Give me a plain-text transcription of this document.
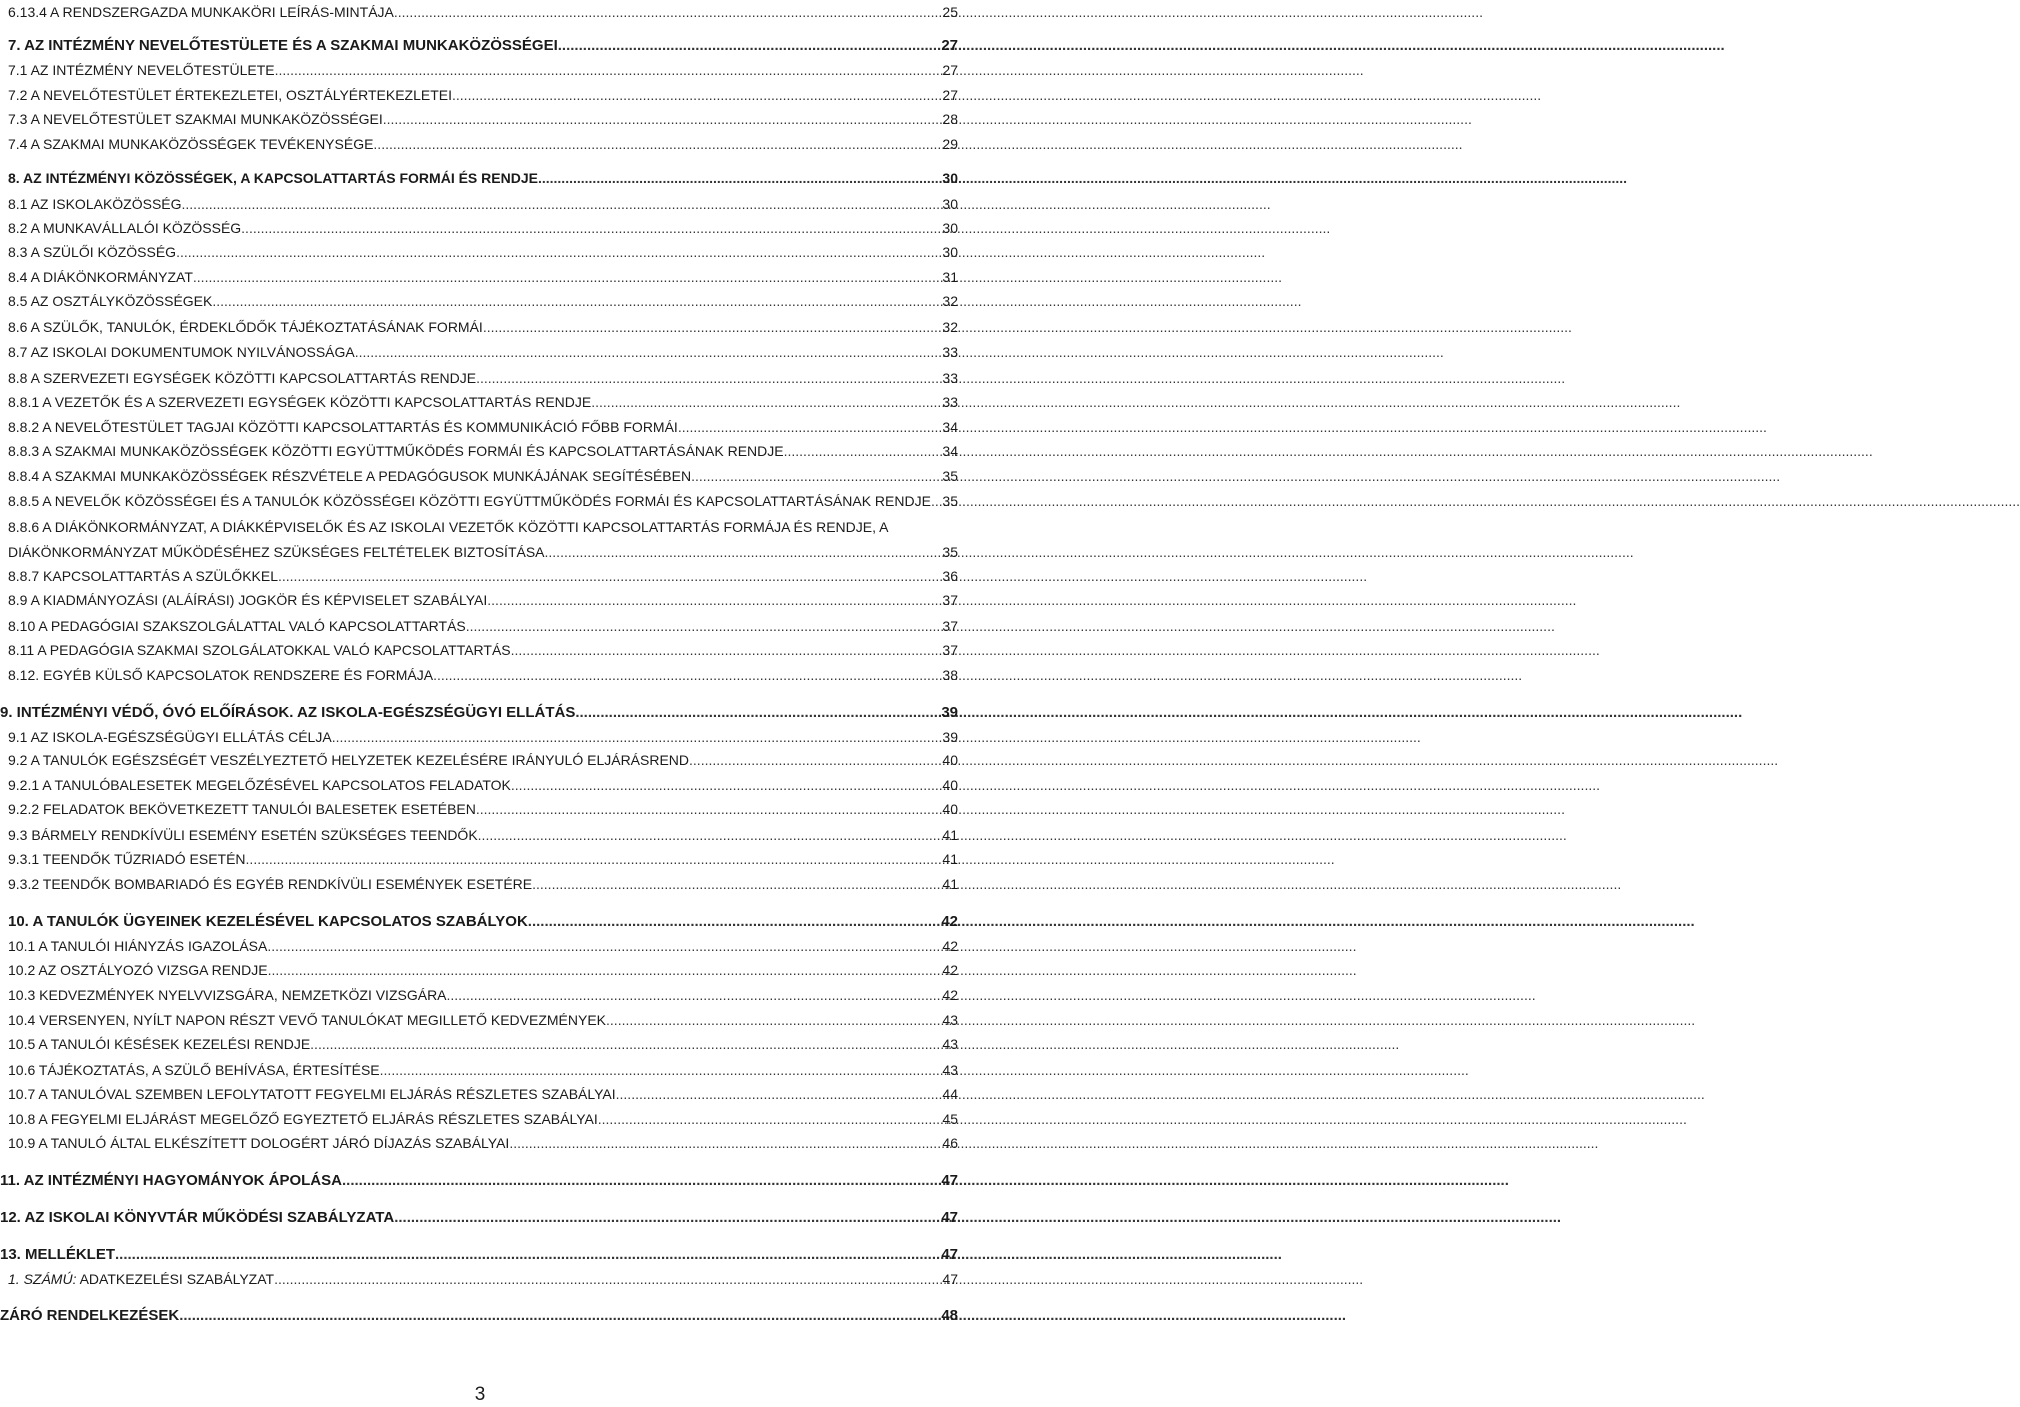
6.13.4 A RENDSZERGAZDA MUNKAKÖRI LEÍRÁS-MINTÁJA .....	25
7. AZ INTÉZMÉNY NEVELŐTESTÜLETE ÉS A SZAKMAI MUNKAKÖZÖSSÉGEI .....	27
7.1 AZ INTÉZMÉNY NEVELŐTESTÜLETE .....	27
7.2 A NEVELŐTESTÜLET ÉRTEKEZLETEI, OSZTÁLYÉRTEKEZLETEI .....	27
7.3 A NEVELŐTESTÜLET SZAKMAI MUNKAKÖZÖSSÉGEI .....	28
7.4 A SZAKMAI MUNKAKÖZÖSSÉGEK TEVÉKENYSÉGE .....	29
8. AZ INTÉZMÉNYI KÖZÖSSÉGEK, A KAPCSOLATTARTÁS FORMÁI ÉS RENDJE .....	30
8.1 AZ ISKOLAKÖZÖSSÉG .....	30
8.2 A MUNKAVÁLLALÓI KÖZÖSSÉG .....	30
8.3 A SZÜLŐI KÖZÖSSÉG .....	30
8.4 A DIÁKÖNKORMÁNYZAT .....	31
8.5 AZ OSZTÁLYKÖZÖSSÉGEK .....	32
8.6 A SZÜLŐK, TANULÓK, ÉRDEKLŐDŐK TÁJÉKOZTATÁSÁNAK FORMÁI .....	32
8.7 AZ ISKOLAI DOKUMENTUMOK NYILVÁNOSSÁGA .....	33
8.8 A SZERVEZETI EGYSÉGEK KÖZÖTTI KAPCSOLATTARTÁS RENDJE .....	33
8.8.1 A VEZETŐK ÉS A SZERVEZETI EGYSÉGEK KÖZÖTTI KAPCSOLATTARTÁS RENDJE .....	33
8.8.2 A NEVELŐTESTÜLET TAGJAI KÖZÖTTI KAPCSOLATTARTÁS ÉS KOMMUNIKÁCIÓ FŐBB FORMÁI .....	34
8.8.3 A SZAKMAI MUNKAKÖZÖSSÉGEK KÖZÖTTI EGYÜTTMŰKÖDÉS FORMÁI ÉS KAPCSOLATTARTÁSÁNAK RENDJE .....	34
8.8.4 A SZAKMAI MUNKAKÖZÖSSÉGEK RÉSZVÉTELE A PEDAGÓGUSOK MUNKÁJÁNAK SEGÍTÉSÉBEN .....	35
8.8.5 A NEVELŐK KÖZÖSSÉGEI ÉS A TANULÓK KÖZÖSSÉGEI KÖZÖTTI EGYÜTTMŰKÖDÉS FORMÁI ÉS KAPCSOLATTARTÁSÁNAK RENDJE ..... 35
8.8.6 A DIÁKÖNKORMÁNYZAT, A DIÁKKÉPVISELŐK ÉS AZ ISKOLAI VEZETŐK KÖZÖTTI KAPCSOLATTARTÁS FORMÁJA ÉS RENDJE, A
DIÁKÖNKORMÁNYZAT MŰKÖDÉSÉHEZ SZÜKSÉGES FELTÉTELEK BIZTOSÍTÁSA .....	35
8.8.7 KAPCSOLATTARTÁS A SZÜLŐKKEL .....	36
8.9 A KIADMÁNYOZÁSI (ALÁÍRÁSI) JOGKÖR ÉS KÉPVISELET SZABÁLYAI .....	37
8.10 A PEDAGÓGIAI SZAKSZOLGÁLATTAL VALÓ KAPCSOLATTARTÁS .....	37
8.11 A PEDAGÓGIA SZAKMAI SZOLGÁLATOKKAL VALÓ KAPCSOLATTARTÁS .....	37
8.12. EGYÉB KÜLSŐ KAPCSOLATOK RENDSZERE ÉS FORMÁJA .....	38
9. INTÉZMÉNYI VÉDŐ, ÓVÓ ELŐÍRÁSOK. AZ ISKOLA-EGÉSZSÉGÜGYI ELLÁTÁS .....	39
9.1 AZ ISKOLA-EGÉSZSÉGÜGYI ELLÁTÁS CÉLJA .....	39
9.2 A TANULÓK EGÉSZSÉGÉT VESZÉLYEZTETŐ HELYZETEK KEZELÉSÉRE IRÁNYULÓ ELJÁRÁSREND .....	40
9.2.1 A TANULÓBALESETEK MEGELŐZÉSÉVEL KAPCSOLATOS FELADATOK .....	40
9.2.2 FELADATOK BEKÖVETKEZETT TANULÓI BALESETEK ESETÉBEN .....	40
9.3 BÁRMELY RENDKÍVÜLI ESEMÉNY ESETÉN SZÜKSÉGES TEENDŐK .....	41
9.3.1 TEENDŐK TŰZRIADÓ ESETÉN .....	41
9.3.2 TEENDŐK BOMBARIADÓ ÉS EGYÉB RENDKÍVÜLI ESEMÉNYEK ESETÉRE .....	41
10. A TANULÓK ÜGYEINEK KEZELÉSÉVEL KAPCSOLATOS SZABÁLYOK .....	42
10.1 A TANULÓI HIÁNYZÁS IGAZOLÁSA .....	42
10.2 AZ OSZTÁLYOZÓ VIZSGA RENDJE .....	42
10.3 KEDVEZMÉNYEK NYELVVIZSGÁRA, NEMZETKÖZI VIZSGÁRA .....	42
10.4 VERSENYEN, NYÍLT NAPON RÉSZT VEVŐ TANULÓKAT MEGILLETŐ KEDVEZMÉNYEK .....	43
10.5 A TANULÓI KÉSÉSEK KEZELÉSI RENDJE .....	43
10.6 TÁJÉKOZTATÁS, A SZÜLŐ BEHÍVÁSA, ÉRTESÍTÉSE .....	43
10.7 A TANULÓVAL SZEMBEN LEFOLYTATOTT FEGYELMI ELJÁRÁS RÉSZLETES SZABÁLYAI .....	44
10.8 A FEGYELMI ELJÁRÁST MEGELŐZŐ EGYEZTETŐ ELJÁRÁS RÉSZLETES SZABÁLYAI .....	45
10.9 A TANULÓ ÁLTAL ELKÉSZÍTETT DOLOGÉRT JÁRÓ DÍJAZÁS SZABÁLYAI .....	46
11. AZ INTÉZMÉNYI HAGYOMÁNYOK ÁPOLÁSA .....	47
12. AZ ISKOLAI KÖNYVTÁR MŰKÖDÉSI SZABÁLYZATA .....	47
13. MELLÉKLET .....	47
1. SZÁMÚ: ADATKEZELÉSI SZABÁLYZAT .....	47
ZÁRÓ RENDELKEZÉSEK .....	48
3
